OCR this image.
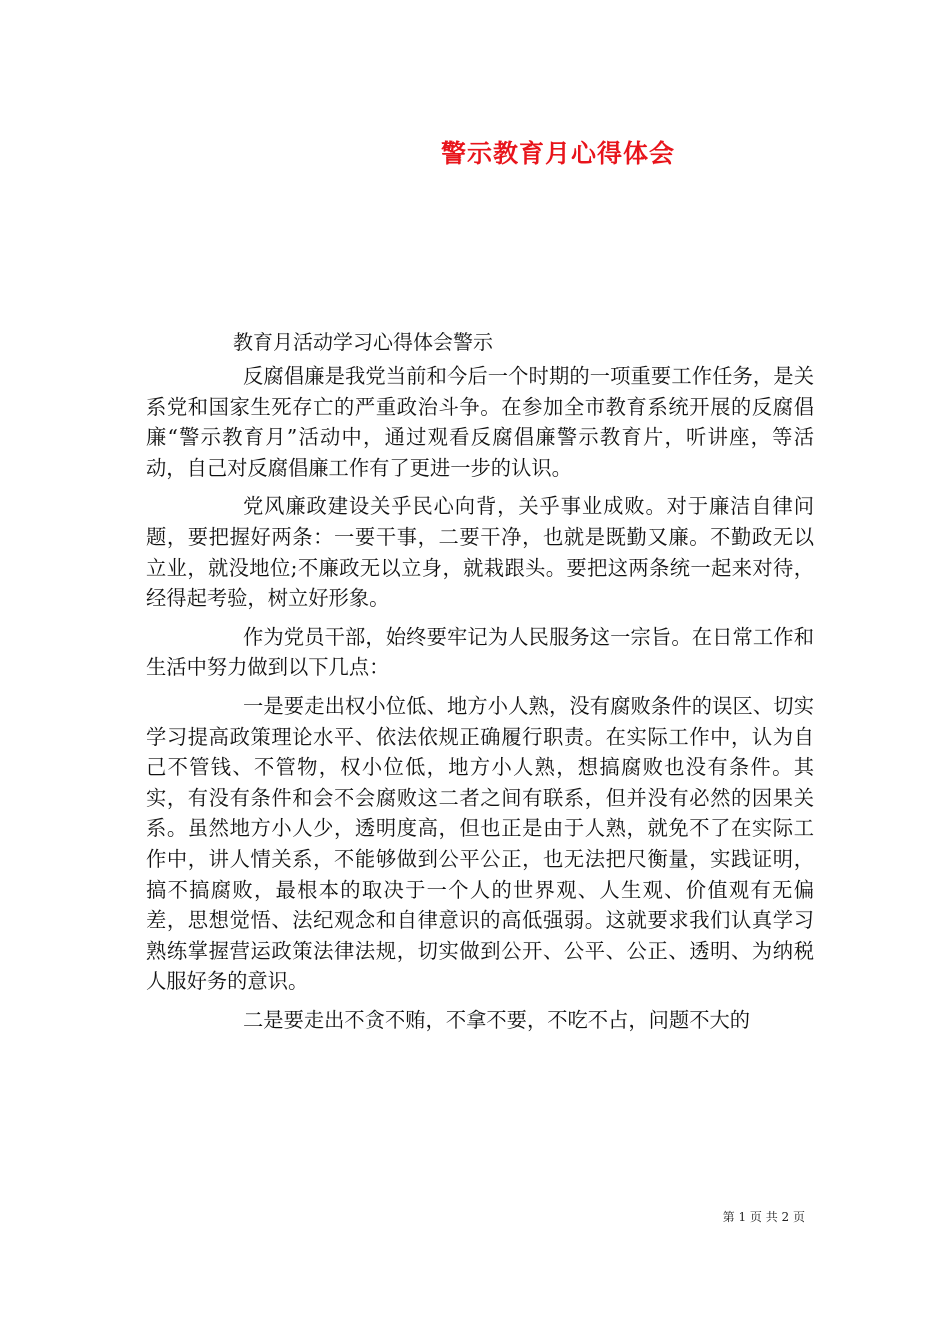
警示教育月心得体会
教育月活动学习心得体会警示

反腐倡廉是我党当前和今后一个时期的一项重要工作任务，是关系党和国家生死存亡的严重政治斗争。在参加全市教育系统开展的反腐倡廉“警示教育月”活动中，通过观看反腐倡廉警示教育片，听讲座，等活动，自己对反腐倡廉工作有了更进一步的认识。

党风廉政建设关乎民心向背，关乎事业成败。对于廉洁自律问题，要把握好两条：一要干事，二要干净，也就是既勤又廉。不勤政无以立业，就没地位;不廉政无以立身，就栽跟头。要把这两条统一起来对待，经得起考验，树立好形象。

作为党员干部，始终要牢记为人民服务这一宗旨。在日常工作和生活中努力做到以下几点：

一是要走出权小位低、地方小人熟，没有腐败条件的误区、切实学习提高政策理论水平、依法依规正确履行职责。在实际工作中，认为自己不管钱、不管物，权小位低，地方小人熟，想搞腐败也没有条件。其实，有没有条件和会不会腐败这二者之间有联系，但并没有必然的因果关系。虽然地方小人少，透明度高，但也正是由于人熟，就免不了在实际工作中，讲人情关系，不能够做到公平公正，也无法把尺衡量，实践证明，搞不搞腐败，最根本的取决于一个人的世界观、人生观、价值观有无偏差，思想觉悟、法纪观念和自律意识的高低强弱。这就要求我们认真学习熟练掌握营运政策法律法规，切实做到公开、公平、公正、透明、为纳税人服好务的意识。

二是要走出不贪不贿，不拿不要，不吃不占，问题不大的

第 1 页 共 2 页
